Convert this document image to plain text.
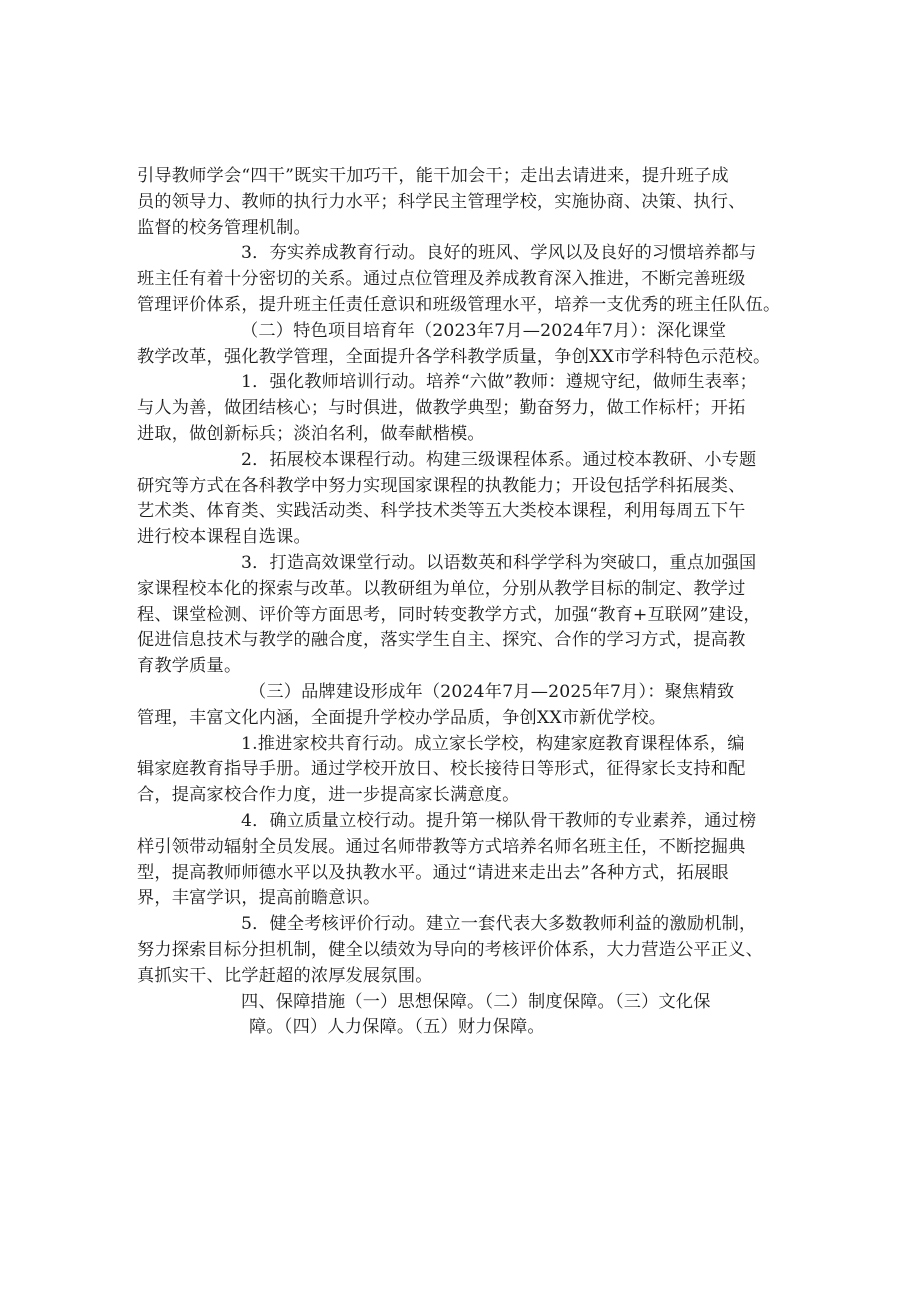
引导教师学会“四干”既实干加巧干，能干加会干；走出去请进来，提升班子成
员的领导力、教师的执行力水平；科学民主管理学校，实施协商、决策、执行、
监督的校务管理机制。
3．夯实养成教育行动。良好的班风、学风以及良好的习惯培养都与
班主任有着十分密切的关系。通过点位管理及养成教育深入推进，不断完善班级
管理评价体系，提升班主任责任意识和班级管理水平，培养一支优秀的班主任队伍。
（二）特色项目培育年（2023年7月—2024年7月）：深化课堂
教学改革，强化教学管理，全面提升各学科教学质量，争创XX市学科特色示范校。
1．强化教师培训行动。培养“六做”教师：遵规守纪，做师生表率；
与人为善，做团结核心；与时俱进，做教学典型；勤奋努力，做工作标杆；开拓
进取，做创新标兵；淡泊名利，做奉献楷模。
2．拓展校本课程行动。构建三级课程体系。通过校本教研、小专题
研究等方式在各科教学中努力实现国家课程的执教能力；开设包括学科拓展类、
艺术类、体育类、实践活动类、科学技术类等五大类校本课程，利用每周五下午
进行校本课程自选课。
3．打造高效课堂行动。以语数英和科学学科为突破口，重点加强国
家课程校本化的探索与改革。以教研组为单位，分别从教学目标的制定、教学过
程、课堂检测、评价等方面思考，同时转变教学方式，加强“教育+互联网”建设，
促进信息技术与教学的融合度，落实学生自主、探究、合作的学习方式，提高教
育教学质量。
（三）品牌建设形成年（2024年7月—2025年7月）：聚焦精致
管理，丰富文化内涵，全面提升学校办学品质，争创XX市新优学校。
1.推进家校共育行动。成立家长学校，构建家庭教育课程体系，编
辑家庭教育指导手册。通过学校开放日、校长接待日等形式，征得家长支持和配
合，提高家校合作力度，进一步提高家长满意度。
4．确立质量立校行动。提升第一梯队骨干教师的专业素养，通过榜
样引领带动辐射全员发展。通过名师带教等方式培养名师名班主任，不断挖掘典
型，提高教师师德水平以及执教水平。通过“请进来走出去”各种方式，拓展眼
界，丰富学识，提高前瞻意识。
5．健全考核评价行动。建立一套代表大多数教师利益的激励机制，
努力探索目标分担机制，健全以绩效为导向的考核评价体系，大力营造公平正义、
真抓实干、比学赶超的浓厚发展氛围。
四、保障措施（一）思想保障。（二）制度保障。（三）文化保
障。（四）人力保障。（五）财力保障。
